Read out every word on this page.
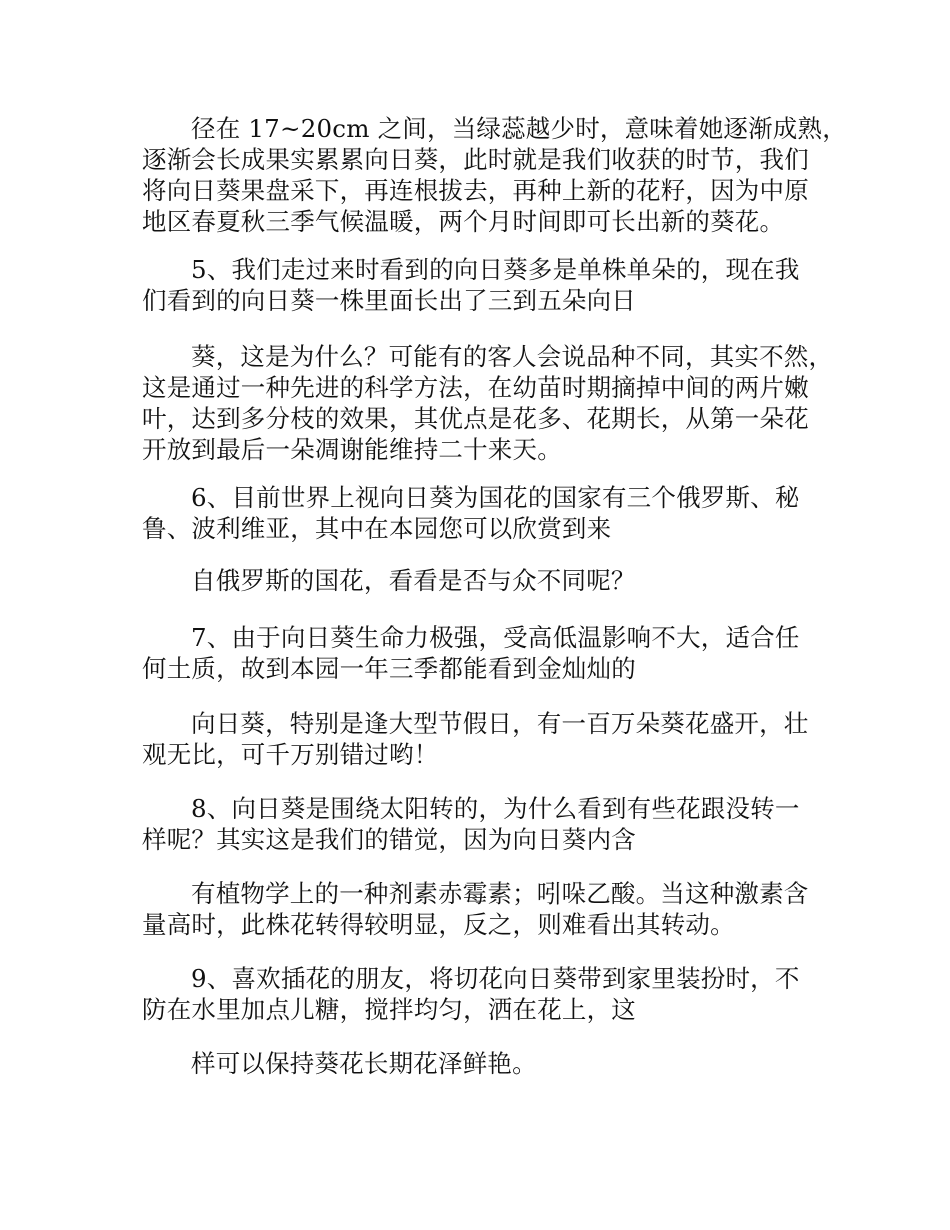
径在 17~20cm 之间，当绿蕊越少时，意味着她逐渐成熟，
逐渐会长成果实累累向日葵，此时就是我们收获的时节，我们
将向日葵果盘采下，再连根拔去，再种上新的花籽，因为中原
地区春夏秋三季气候温暖，两个月时间即可长出新的葵花。
5、我们走过来时看到的向日葵多是单株单朵的，现在我
们看到的向日葵一株里面长出了三到五朵向日
葵，这是为什么？可能有的客人会说品种不同，其实不然，
这是通过一种先进的科学方法，在幼苗时期摘掉中间的两片嫩
叶，达到多分枝的效果，其优点是花多、花期长，从第一朵花
开放到最后一朵凋谢能维持二十来天。
6、目前世界上视向日葵为国花的国家有三个俄罗斯、秘
鲁、波利维亚，其中在本园您可以欣赏到来
自俄罗斯的国花，看看是否与众不同呢？
7、由于向日葵生命力极强，受高低温影响不大，适合任
何土质，故到本园一年三季都能看到金灿灿的
向日葵，特别是逢大型节假日，有一百万朵葵花盛开，壮
观无比，可千万别错过哟！
8、向日葵是围绕太阳转的，为什么看到有些花跟没转一
样呢？其实这是我们的错觉，因为向日葵内含
有植物学上的一种剂素赤霉素；吲哚乙酸。当这种激素含
量高时，此株花转得较明显，反之，则难看出其转动。
9、喜欢插花的朋友，将切花向日葵带到家里装扮时，不
防在水里加点儿糖，搅拌均匀，洒在花上，这
样可以保持葵花长期花泽鲜艳。
